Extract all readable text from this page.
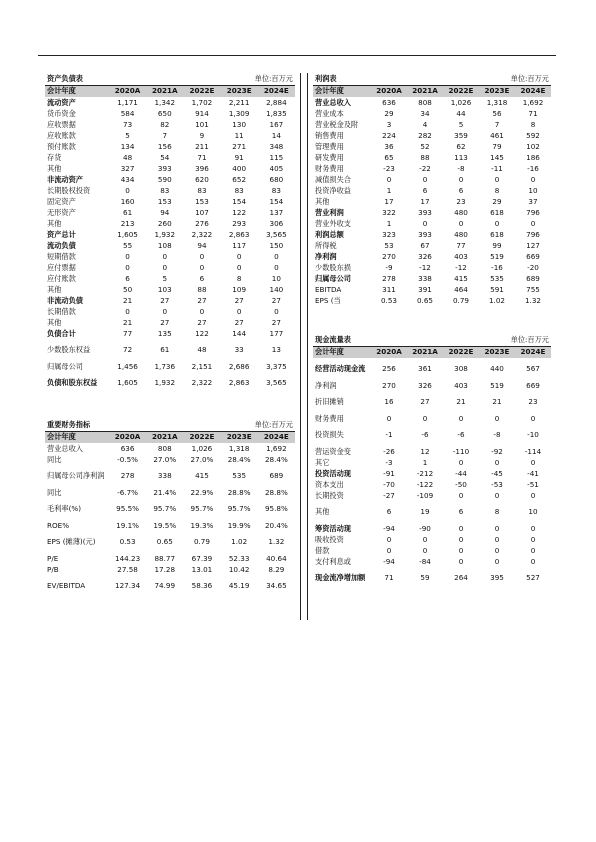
资产负债表			单位:百万元		
会计年度	2020A	2021A	2022E	2023E	2024E
流动资产	1,171	1,342	1,702	2,211	2,884
货币资金	584	650	914	1,309	1,835
应收票据	73	82	101	130	167
应收账款	5	7	9	11	14
预付账款	134	156	211	271	348
存货	48	54	71	91	115
其他	327	393	396	400	405
非流动资产	434	590	620	652	680
长期股权投资	0	83	83	83	83
固定资产	160	153	153	154	154
无形资产	61	94	107	122	137
其他	213	260	276	293	306
资产总计	1,605	1,932	2,322	2,863	3,565
流动负债	55	108	94	117	150
短期借款	0	0	0	0	0
应付票据	0	0	0	0	0
应付账款	6	5	6	8	10
其他	50	103	88	109	140
非流动负债	21	27	27	27	27
长期借款	0	0	0	0	0
其他	21	27	27	27	27
负债合计	77	135	122	144	177
少数股东权益	72	61	48	33	13
归属母公司	1,456	1,736	2,151	2,686	3,375
负债和股东权益	1,605	1,932	2,322	2,863	3,565
重要财务指标			单位:百万元		
会计年度	2020A	2021A	2022E	2023E	2024E
营业总收入	636	808	1,026	1,318	1,692
同比	-0.5%	27.0%	27.0%	28.4%	28.4%
归属母公司净利润	278	338	415	535	689
同比	-6.7%	21.4%	22.9%	28.8%	28.8%
毛利率(%)	95.5%	95.7%	95.7%	95.7%	95.8%
ROE%	19.1%	19.5%	19.3%	19.9%	20.4%
EPS (摊薄)(元)	0.53	0.65	0.79	1.02	1.32
P/E	144.23	88.77	67.39	52.33	40.64
P/B	27.58	17.28	13.01	10.42	8.29
EV/EBITDA	127.34	74.99	58.36	45.19	34.65
利润表			单位:百万元		
会计年度	2020A	2021A	2022E	2023E	2024E
营业总收入	636	808	1,026	1,318	1,692
营业成本	29	34	44	56	71
营业税金及附	3	4	5	7	8
销售费用	224	282	359	461	592
管理费用	36	52	62	79	102
研发费用	65	88	113	145	186
财务费用	-23	-22	-8	-11	-16
减值损失合	0	0	0	0	0
投资净收益	1	6	6	8	10
其他	17	17	23	29	37
营业利润	322	393	480	618	796
营业外收支	1	0	0	0	0
利润总额	323	393	480	618	796
所得税	53	67	77	99	127
净利润	270	326	403	519	669
少数股东损	-9	-12	-12	-16	-20
归属母公司	278	338	415	535	689
EBITDA	311	391	464	591	755
EPS (当	0.53	0.65	0.79	1.02	1.32
现金流量表			单位:百万元		
会计年度	2020A	2021A	2022E	2023E	2024E
经营活动现金流	256	361	308	440	567
净利润	270	326	403	519	669
折旧摊销	16	27	21	21	23
财务费用	0	0	0	0	0
投资损失	-1	-6	-6	-8	-10
营运资金变	-26	12	-110	-92	-114
其它	-3	1	0	0	0
投资活动现	-91	-212	-44	-45	-41
资本支出	-70	-122	-50	-53	-51
长期投资	-27	-109	0	0	0
其他	6	19	6	8	10
筹资活动现	-94	-90	0	0	0
吸收投资	0	0	0	0	0
借款	0	0	0	0	0
支付利息或	-94	-84	0	0	0
现金流净增加额	71	59	264	395	527
